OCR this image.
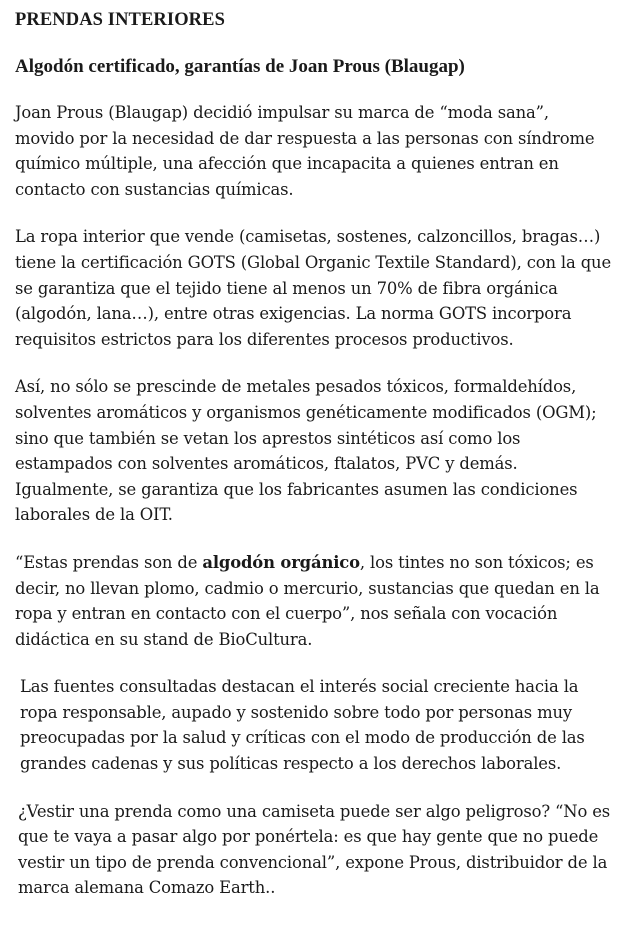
PRENDAS INTERIORES
Algodón certificado, garantías de Joan Prous (Blaugap)

Joan Prous (Blaugap) decidió impulsar su marca de “moda sana”, movido por la necesidad de dar respuesta a las personas con síndrome químico múltiple, una afección que incapacita a quienes entran en contacto con sustancias químicas.

La ropa interior que vende (camisetas, sostenes, calzoncillos, bragas…) tiene la certificación GOTS (Global Organic Textile Standard), con la que se garantiza que el tejido tiene al menos un 70% de fibra orgánica (algodón, lana…), entre otras exigencias. La norma GOTS incorpora requisitos estrictos para los diferentes procesos productivos.

Así, no sólo se prescinde de metales pesados tóxicos, formaldehídos, solventes aromáticos y organismos genéticamente modificados (OGM); sino que también se vetan los aprestos sintéticos así como los estampados con solventes aromáticos, ftalatos, PVC y demás. Igualmente, se garantiza que los fabricantes asumen las condiciones laborales de la OIT.

“Estas prendas son de algodón orgánico, los tintes no son tóxicos; es decir, no llevan plomo, cadmio o mercurio, sustancias que quedan en la ropa y entran en contacto con el cuerpo”, nos señala con vocación didáctica en su stand de BioCultura.

Las fuentes consultadas destacan el interés social creciente hacia la ropa responsable, aupado y sostenido sobre todo por personas muy preocupadas por la salud y críticas con el modo de producción de las grandes cadenas y sus políticas respecto a los derechos laborales.

¿Vestir una prenda como una camiseta puede ser algo peligroso? “No es que te vaya a pasar algo por ponértela: es que hay gente que no puede vestir un tipo de prenda convencional”, expone Prous, distribuidor de la marca alemana Comazo Earth..
